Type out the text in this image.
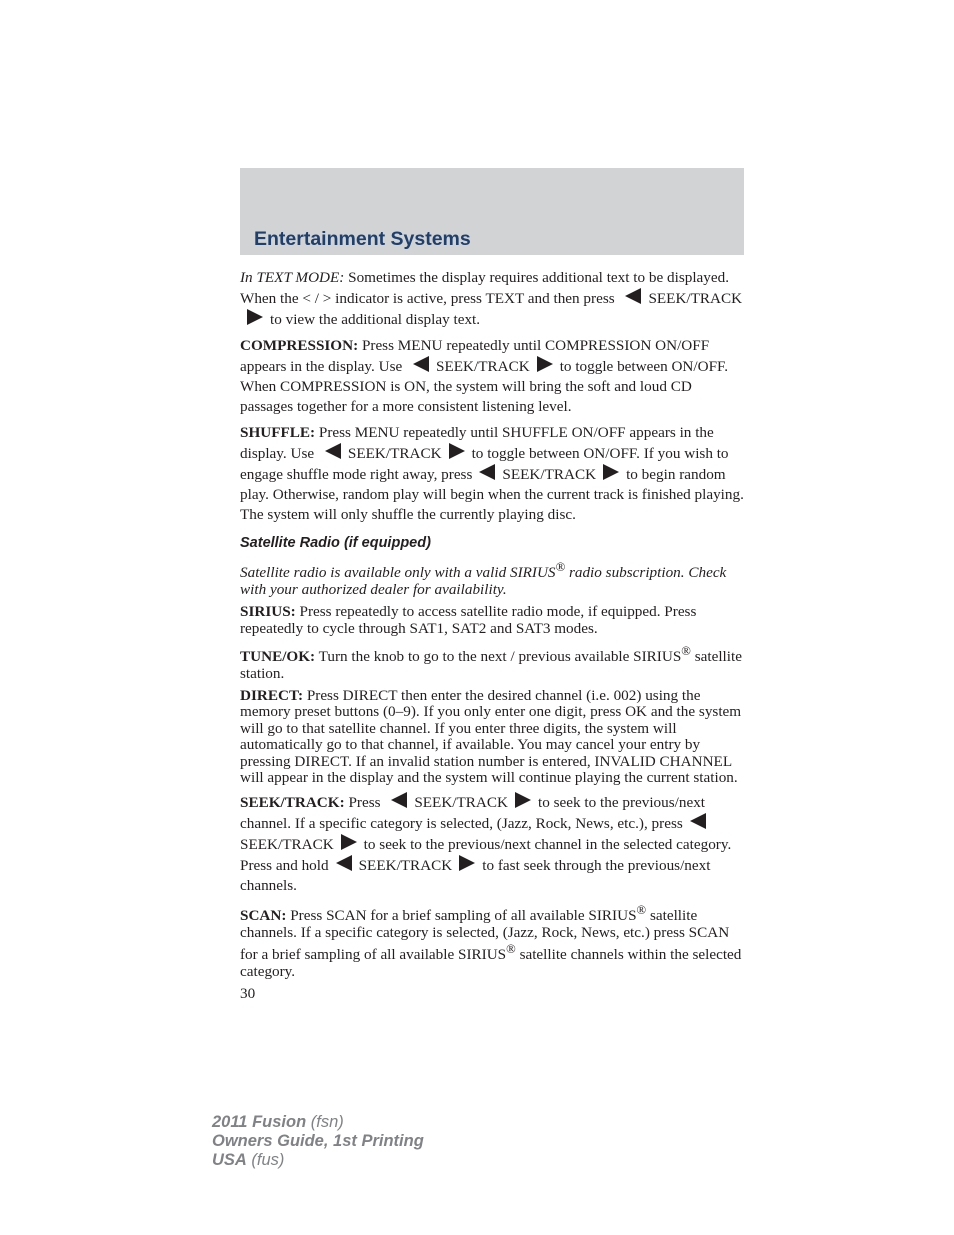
Entertainment Systems

In TEXT MODE: Sometimes the display requires additional text to be displayed. When the < / > indicator is active, press TEXT and then press SEEK/TRACKto view the additional display text.

COMPRESSION: Press MENU repeatedly until COMPRESSION ON/OFF appears in the display. Use SEEK/TRACK to toggle between ON/OFF. When COMPRESSION is ON, the system will bring the soft and loud CD passages together for a more consistent listening level.

SHUFFLE: Press MENU repeatedly until SHUFFLE ON/OFF appears in the display. Use SEEK/TRACK to toggle between ON/OFF. If you wish to engage shuffle mode right away, press SEEK/TRACK to begin random play. Otherwise, random play will begin when the current track is finished playing. The system will only shuffle the currently playing disc.

Satellite Radio (if equipped)

Satellite radio is available only with a valid SIRIUS® radio subscription. Check with your authorized dealer for availability.

SIRIUS: Press repeatedly to access satellite radio mode, if equipped. Press repeatedly to cycle through SAT1, SAT2 and SAT3 modes.

TUNE/OK: Turn the knob to go to the next / previous available SIRIUS® satellite station.

DIRECT: Press DIRECT then enter the desired channel (i.e. 002) using the memory preset buttons (0–9). If you only enter one digit, press OK and the system will go to that satellite channel. If you enter three digits, the system will automatically go to that channel, if available. You may cancel your entry by pressing DIRECT. If an invalid station number is entered, INVALID CHANNEL will appear in the display and the system will continue playing the current station.

SEEK/TRACK: Press SEEK/TRACK to seek to the previous/next channel. If a specific category is selected, (Jazz, Rock, News, etc.), pressSEEK/TRACK to seek to the previous/next channel in the selected category. Press and hold SEEK/TRACK to fast seek through the previous/next channels.

SCAN: Press SCAN for a brief sampling of all available SIRIUS® satellite channels. If a specific category is selected, (Jazz, Rock, News, etc.) press SCAN for a brief sampling of all available SIRIUS® satellite channels within the selected category.

30

2011 Fusion (fsn)
Owners Guide, 1st Printing
USA (fus)
